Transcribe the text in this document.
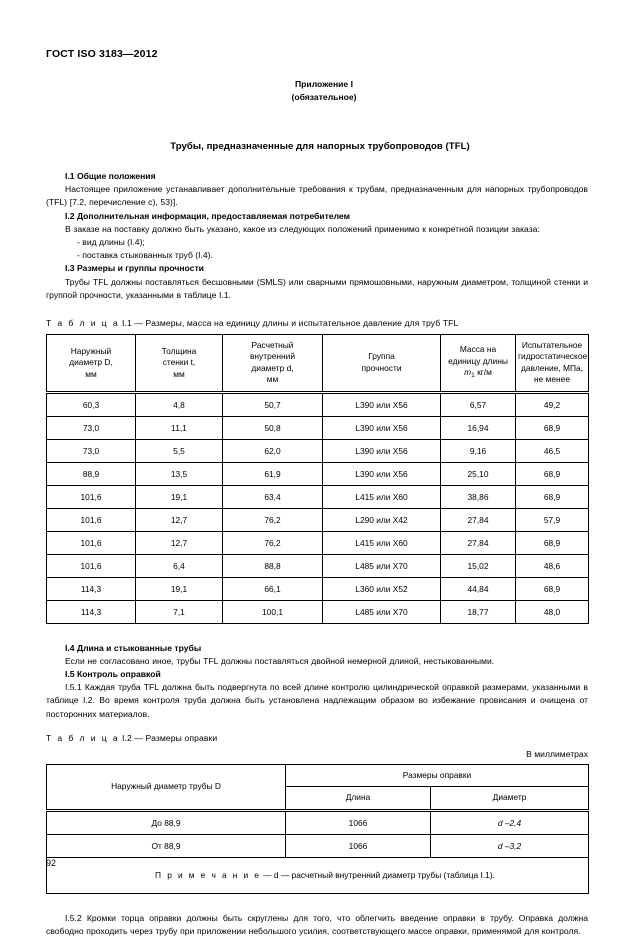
ГОСТ ISO 3183—2012
Приложение I
(обязательное)
Трубы, предназначенные для напорных трубопроводов (TFL)
I.1 Общие положения

Настоящее приложение устанавливает дополнительные требования к трубам, предназначенным для напорных трубопроводов (TFL) [7.2, перечисление с), 53)].

I.2 Дополнительная информация, предоставляемая потребителем

В заказе на поставку должно быть указано, какое из следующих положений применимо к конкретной позиции заказа:

- вид длины (I.4);
- поставка стыкованных труб (I.4).
I.3 Размеры и группы прочности

Трубы TFL должны поставляться бесшовными (SMLS) или сварными прямошовными, наружным диаметром, толщиной стенки и группой прочности, указанными в таблице I.1.

Т а б л и ц а I.1 — Размеры, масса на единицу длины и испытательное давление для труб TFL

Наружный
диаметр D,
мм	Толщина
стенки t,
мм	Расчетный
внутренний
диаметр d,
мм	Группа
прочности	Масса на
единицу длины
$m_1$ кг/м	Испытательное
гидростатическое
давление, МПа,
не менее
60,3	4,8	50,7	L390 или X56	6,57	49,2
73,0	11,1	50,8	L390 или X56	16,94	68,9
73,0	5,5	62,0	L390 или X56	9,16	46,5
88,9	13,5	61,9	L390 или X56	25,10	68,9
101,6	19,1	63,4	L415 или X60	38,86	68,9
101,6	12,7	76,2	L290 или X42	27,84	57,9
101,6	12,7	76,2	L415 или X60	27,84	68,9
101,6	6,4	88,8	L485 или X70	15,02	48,6
114,3	19,1	66,1	L360 или X52	44,84	68,9
114,3	7,1	100,1	L485 или X70	18,77	48,0
I.4 Длина и стыкованные трубы

Если не согласовано иное, трубы TFL должны поставляться двойной немерной длиной, нестыкованными.

I.5 Контроль оправкой

I.5.1 Каждая труба TFL должна быть подвергнута по всей длине контролю цилиндрической оправкой размерами, указанными в таблице I.2. Во время контроля труба должна быть установлена надлежащим образом во избежание провисания и очищена от посторонних материалов.

Т а б л и ц а I.2 — Размеры оправки

В миллиметрах

Наружный диаметр трубы D	Размеры оправки	
	Длина	Диаметр
До 88,9	1066	d –2,4
От 88,9	1066	d –3,2
П р и м е ч а н и е — d — расчетный внутренний диаметр трубы (таблица I.1).		

I.5.2 Кромки торца оправки должны быть скруглены для того, что облегчить введение оправки в трубу. Оправка должна свободно проходить через трубу при приложении небольшого усилия, соответствующего массе оправки, применямой для контроля.

92
